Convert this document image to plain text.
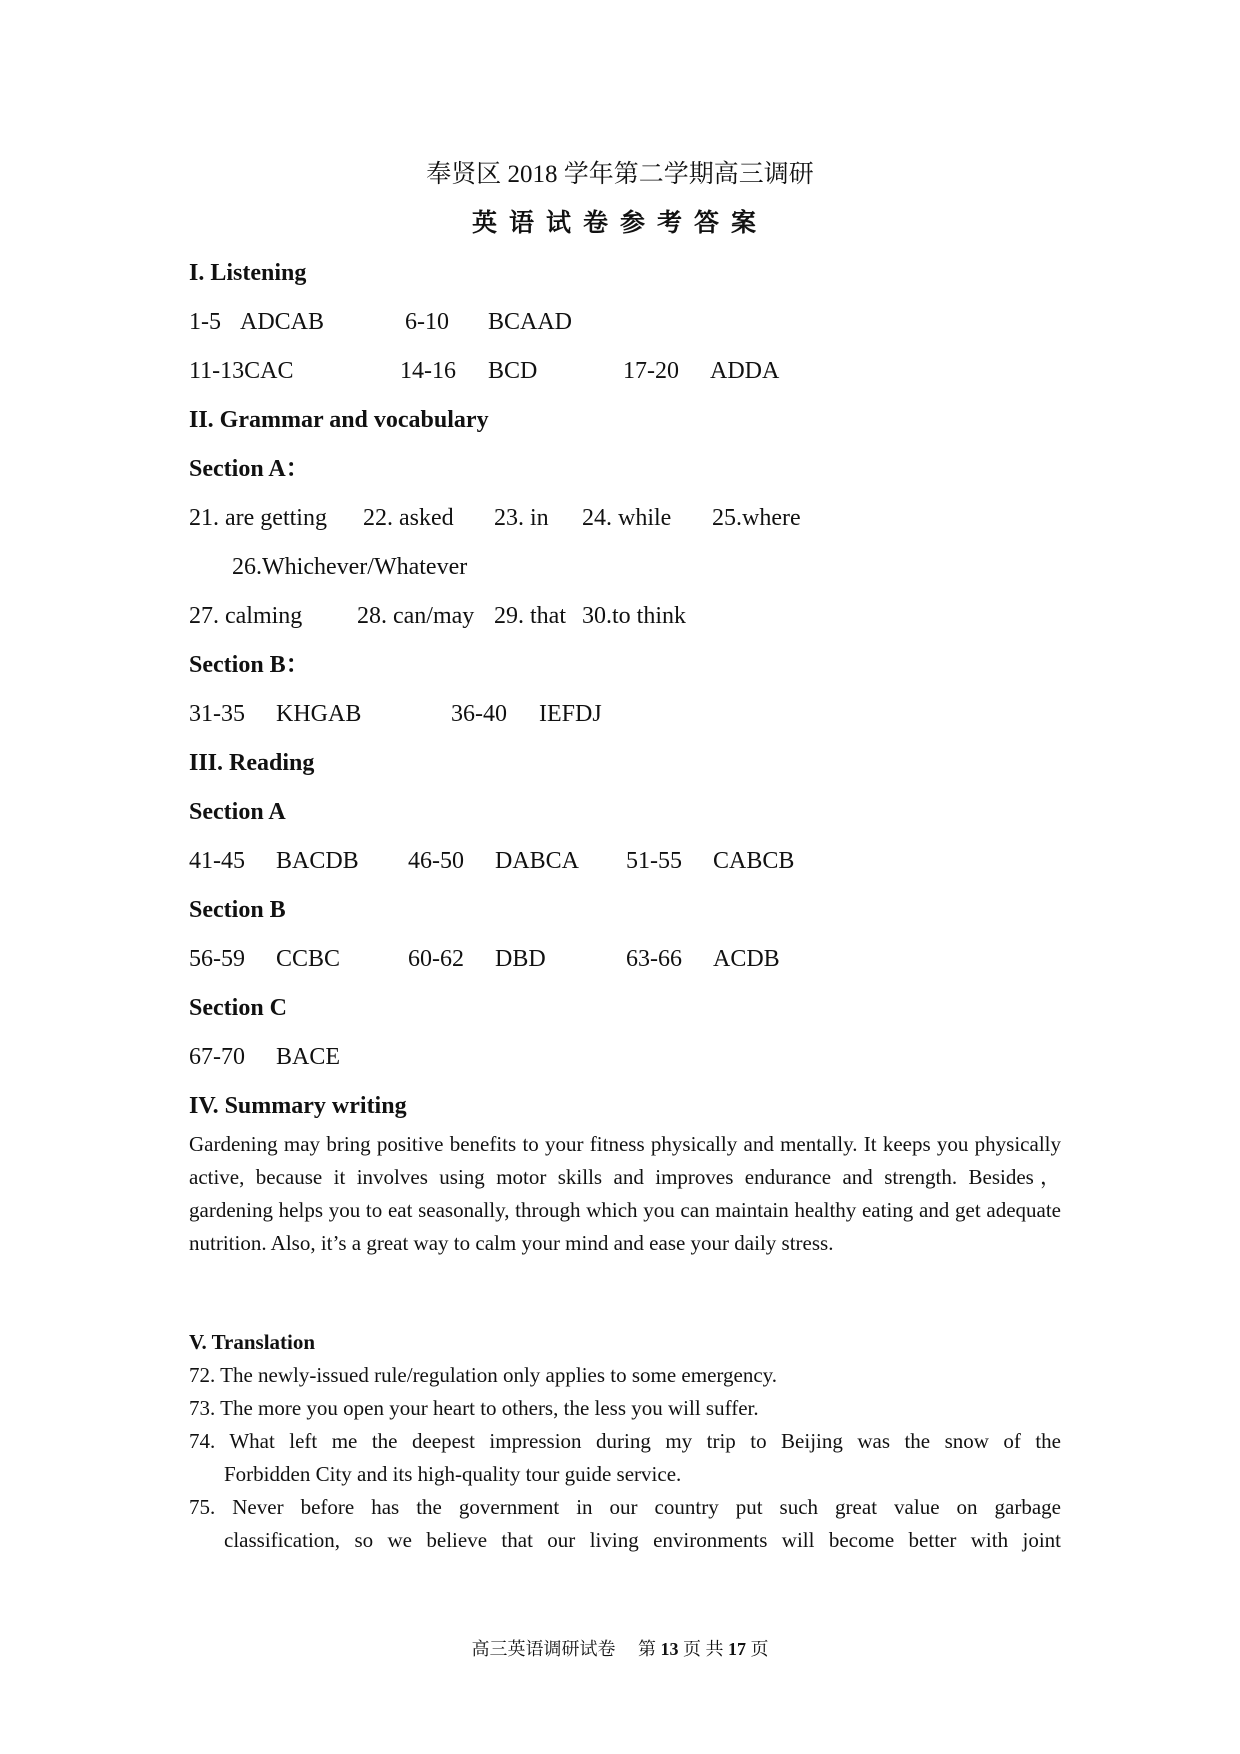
奉贤区 2018 学年第二学期高三调研
英语试卷参考答案
I. Listening
1-5 ADCAB	6-10 BCAAD
11-13CAC	14-16 BCD	17-20 ADDA
II. Grammar and vocabulary
Section A：
21. are getting 22. asked 23. in 24. while 25.where
26.Whichever/Whatever
27. calming 28. can/may 29. that 30.to think
Section B：
31-35 KHGAB	36-40 IEFDJ
III. Reading
Section A
41-45 BACDB 46-50 DABCA 51-55 CABCB
Section B
56-59 CCBC	60-62 DBD	63-66 ACDB
Section C
67-70 BACE
IV. Summary writing

Gardening may bring positive benefits to your fitness physically and mentally. It keeps you physically active, because it involves using motor skills and improves endurance and strength. Besides，gardening helps you to eat seasonally, through which you can maintain healthy eating and get adequate nutrition. Also, it’s a great way to calm your mind and ease your daily stress.

V. Translation

72. The newly-issued rule/regulation only applies to some emergency.

73. The more you open your heart to others, the less you will suffer.

74. What left me the deepest impression during my trip to Beijing was the snow of the

Forbidden City and its high-quality tour guide service.

75. Never before has the government in our country put such great value on garbage

classification, so we believe that our living environments will become better with joint

高三英语调研试卷 第 13 页 共 17 页
